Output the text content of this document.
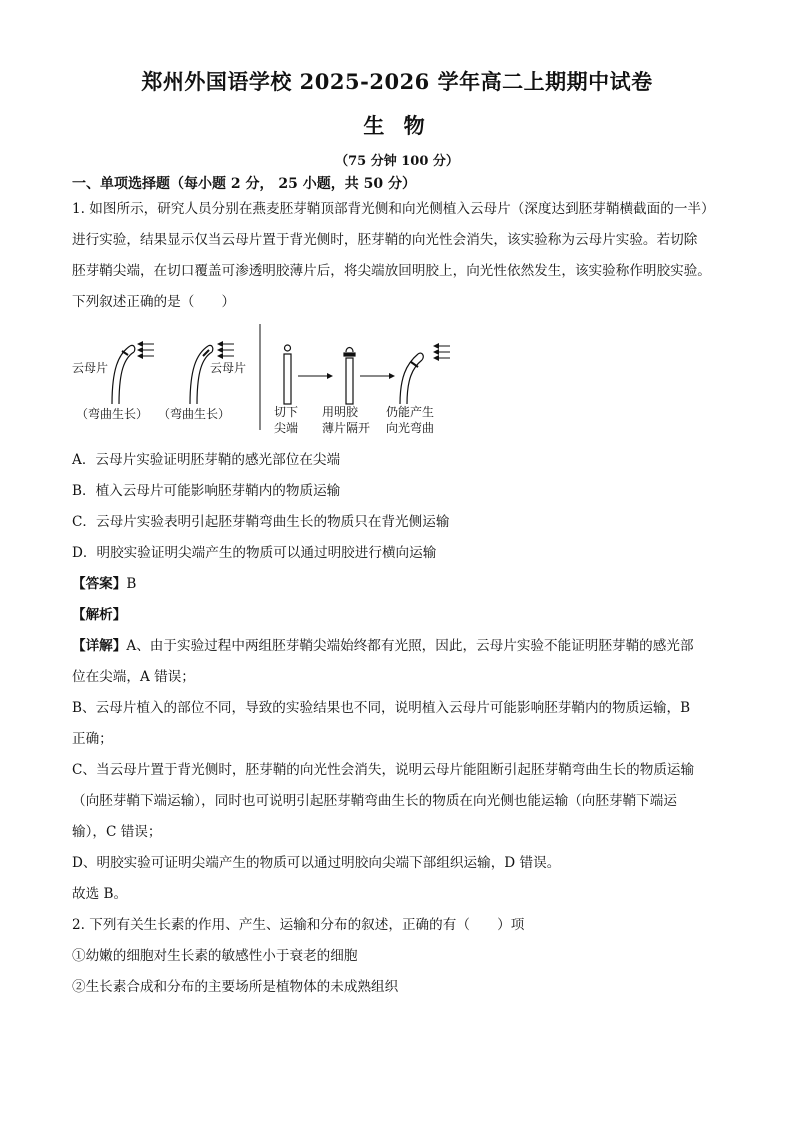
郑州外国语学校 2025-2026 学年高二上期期中试卷
生 物
（75 分钟 100 分）
一、单项选择题（每小题 2 分， 25 小题，共 50 分）
1. 如图所示，研究人员分别在燕麦胚芽鞘顶部背光侧和向光侧植入云母片（深度达到胚芽鞘横截面的一半）
进行实验，结果显示仅当云母片置于背光侧时，胚芽鞘的向光性会消失，该实验称为云母片实验。若切除
胚芽鞘尖端，在切口覆盖可渗透明胶薄片后，将尖端放回明胶上，向光性依然发生，该实验称作明胶实验。
下列叙述正确的是（　　）
云母片	云母片
（弯曲生长） （弯曲生长）	切下
尖端
用明胶
薄片隔开
仍能产生
向光弯曲
A．云母片实验证明胚芽鞘的感光部位在尖端
B．植入云母片可能影响胚芽鞘内的物质运输
C．云母片实验表明引起胚芽鞘弯曲生长的物质只在背光侧运输
D．明胶实验证明尖端产生的物质可以通过明胶进行横向运输
【答案】B
【解析】
【详解】A、由于实验过程中两组胚芽鞘尖端始终都有光照，因此，云母片实验不能证明胚芽鞘的感光部
位在尖端，A 错误；
B、云母片植入的部位不同，导致的实验结果也不同，说明植入云母片可能影响胚芽鞘内的物质运输，B
正确；
C、当云母片置于背光侧时，胚芽鞘的向光性会消失，说明云母片能阻断引起胚芽鞘弯曲生长的物质运输
（向胚芽鞘下端运输），同时也可说明引起胚芽鞘弯曲生长的物质在向光侧也能运输（向胚芽鞘下端运
输），C 错误；
D、明胶实验可证明尖端产生的物质可以通过明胶向尖端下部组织运输，D 错误。
故选 B。
2. 下列有关生长素的作用、产生、运输和分布的叙述，正确的有（　　）项
①幼嫩的细胞对生长素的敏感性小于衰老的细胞
②生长素合成和分布的主要场所是植物体的未成熟组织
